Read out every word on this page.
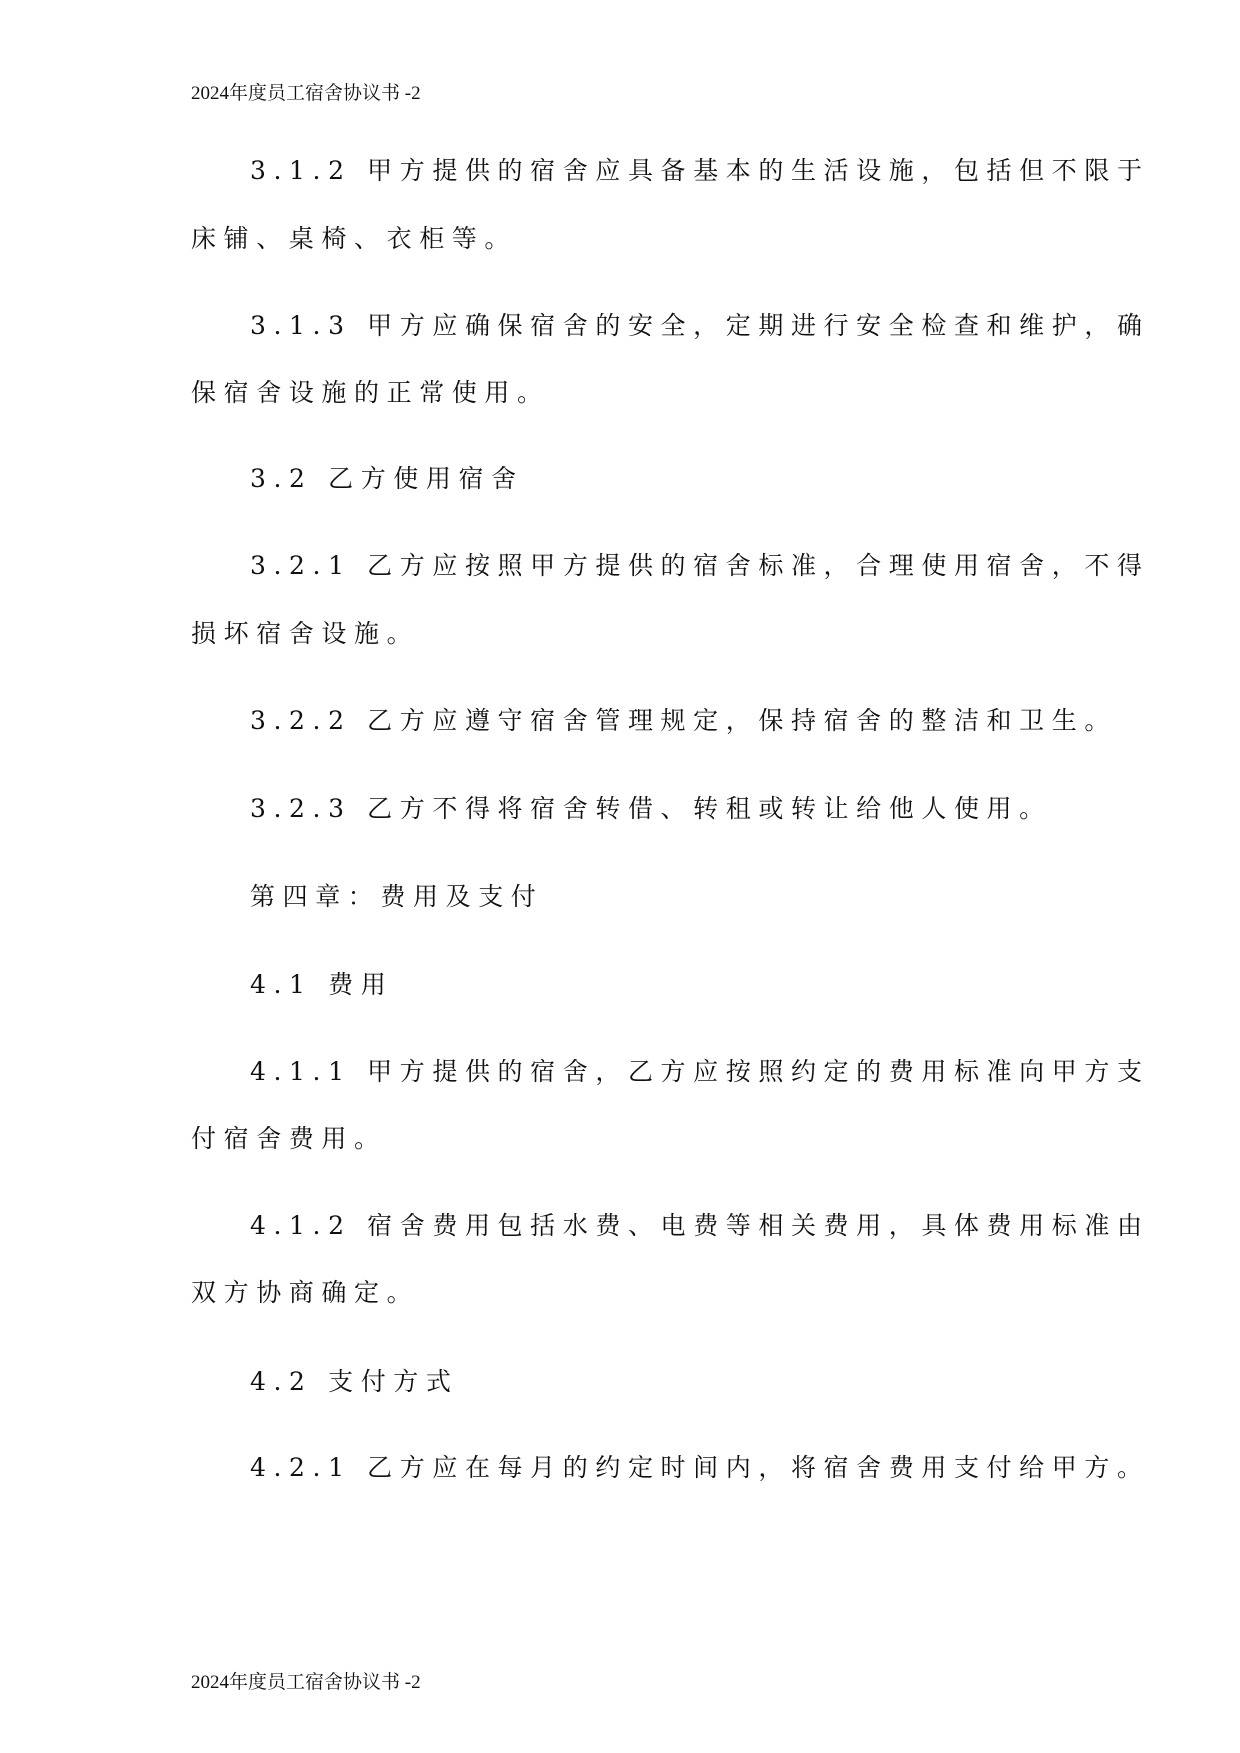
2024年度员工宿舍协议书 -2
3.1.2 甲方提供的宿舍应具备基本的生活设施，包括但不限于
床铺、桌椅、衣柜等。
3.1.3 甲方应确保宿舍的安全，定期进行安全检查和维护，确
保宿舍设施的正常使用。
3.2 乙方使用宿舍
3.2.1 乙方应按照甲方提供的宿舍标准，合理使用宿舍，不得
损坏宿舍设施。
3.2.2 乙方应遵守宿舍管理规定，保持宿舍的整洁和卫生。
3.2.3 乙方不得将宿舍转借、转租或转让给他人使用。
第四章：费用及支付
4.1 费用
4.1.1 甲方提供的宿舍，乙方应按照约定的费用标准向甲方支
付宿舍费用。
4.1.2 宿舍费用包括水费、电费等相关费用，具体费用标准由
双方协商确定。
4.2 支付方式
4.2.1 乙方应在每月的约定时间内，将宿舍费用支付给甲方。
2024年度员工宿舍协议书 -2
